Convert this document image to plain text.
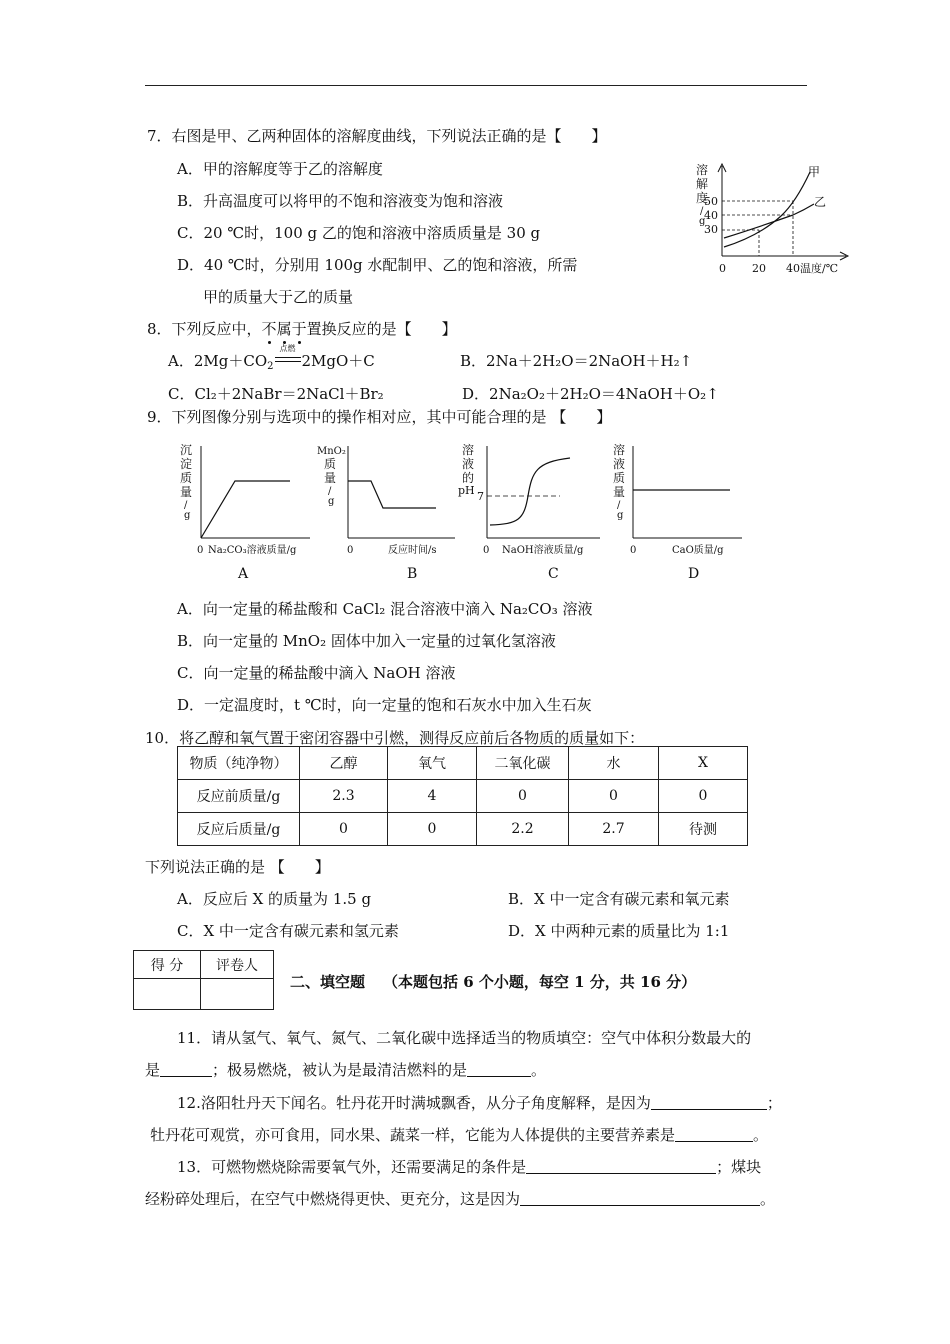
7．右图是甲、乙两种固体的溶解度曲线，下列说法正确的是【　　】
A．甲的溶解度等于乙的溶解度
B．升高温度可以将甲的不饱和溶液变为饱和溶液
C．20 ℃时，100 g 乙的饱和溶液中溶质质量是 30 g
D．40 ℃时，分别用 100g 水配制甲、乙的饱和溶液，所需
甲的质量大于乙的质量
溶
解
度
/
g
50
40
30
甲
乙
0 20 40 温度/℃
8．下列反应中，不属于置换反应的是【　　】
A．$2Mg+CO_2$
点燃
2MgO＋C	B．2Na＋2H₂O＝2NaOH＋H₂↑
C．Cl₂＋2NaBr＝2NaCl＋Br₂	D．2Na₂O₂＋2H₂O＝4NaOH＋O₂↑
9．下列图像分别与选项中的操作相对应，其中可能合理的是 【　　】
沉
淀
质
量
/
g
0 Na₂CO₃溶液质量/g
A
MnO₂
质
量
/
g
0	反应时间/s
B
溶
液
的
pH 7
0 NaOH溶液质量/g
C
溶
液
质
量
/
g
0	CaO质量/g
D
A．向一定量的稀盐酸和 CaCl₂ 混合溶液中滴入 Na₂CO₃ 溶液
B．向一定量的 MnO₂ 固体中加入一定量的过氧化氢溶液
C．向一定量的稀盐酸中滴入 NaOH 溶液
D．一定温度时，t ℃时，向一定量的饱和石灰水中加入生石灰
10．将乙醇和氧气置于密闭容器中引燃，测得反应前后各物质的质量如下：
物质（纯净物）	乙醇	氧气	二氧化碳	水	X
反应前质量/g	2.3	4	0	0	0
反应后质量/g	0	0	2.2	2.7	待测
下列说法正确的是 【　　】
A．反应后 X 的质量为 1.5 g	B．X 中一定含有碳元素和氧元素
C．X 中一定含有碳元素和氢元素	D．X 中两种元素的质量比为 1:1
得 分	评卷人

二、填空题 （本题包括 6 个小题，每空 1 分，共 16 分）
11．请从氢气、氧气、氮气、二氧化碳中选择适当的物质填空：空气中体积分数最大的
是	；极易燃烧，被认为是最清洁燃料的是	。
12.洛阳牡丹天下闻名。牡丹花开时满城飘香，从分子角度解释，是因为	；
牡丹花可观赏，亦可食用，同水果、蔬菜一样，它能为人体提供的主要营养素是	。
13．可燃物燃烧除需要氧气外，还需要满足的条件是	；煤块
经粉碎处理后，在空气中燃烧得更快、更充分，这是因为	。
